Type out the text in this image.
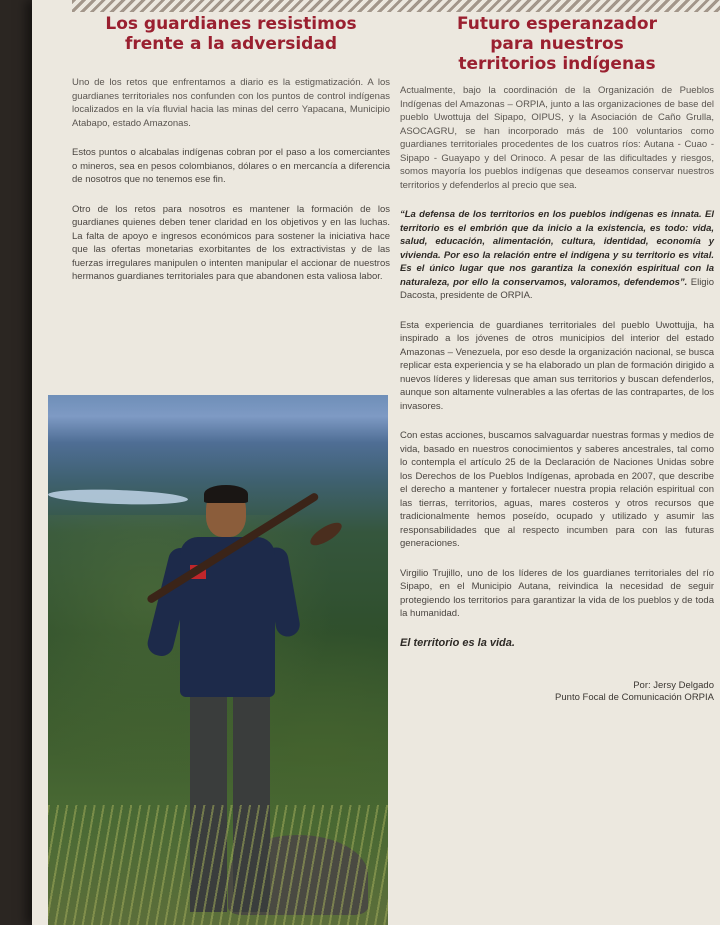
Los guardianes resistimos
frente a la adversidad

Uno de los retos que enfrentamos a diario es la estigmatización. A los guardianes territoriales nos confunden con los puntos de control indígenas localizados en la vía fluvial hacia las minas del cerro Yapacana, Municipio Atabapo, estado Amazonas.

Estos puntos o alcabalas indígenas cobran por el paso a los comerciantes o mineros, sea en pesos colombianos, dólares o en mercancía a diferencia de nosotros que no tenemos ese fin.

Otro de los retos para nosotros es mantener la formación de los guardianes quienes deben tener claridad en los objetivos y en las luchas. La falta de apoyo e ingresos económicos para sostener la iniciativa hace que las ofertas monetarias exorbitantes de los extractivistas y de las fuerzas irregulares manipulen o intenten manipular el accionar de nuestros hermanos guardianes territoriales para que abandonen esta valiosa labor.

Futuro esperanzador
para nuestros
territorios indígenas

Actualmente, bajo la coordinación de la Organización de Pueblos Indígenas del Amazonas – ORPIA, junto a las organizaciones de base del pueblo Uwottuja del Sipapo, OIPUS, y la Asociación de Caño Grulla, ASOCAGRU, se han incorporado más de 100 voluntarios como guardianes territoriales procedentes de los cuatros ríos: Autana - Cuao - Sipapo - Guayapo y del Orinoco. A pesar de las dificultades y riesgos, somos mayoría los pueblos indígenas que deseamos conservar nuestros territorios y defenderlos al precio que sea.

“La defensa de los territorios en los pueblos indígenas es innata. El territorio es el embrión que da inicio a la existencia, es todo: vida, salud, educación, alimentación, cultura, identidad, economía y vivienda. Por eso la relación entre el indígena y su territorio es vital. Es el único lugar que nos garantiza la conexión espiritual con la naturaleza, por ello la conservamos, valoramos, defendemos”. Eligio Dacosta, presidente de ORPIA.

Esta experiencia de guardianes territoriales del pueblo Uwottujja, ha inspirado a los jóvenes de otros municipios del interior del estado Amazonas – Venezuela, por eso desde la organización nacional, se busca replicar esta experiencia y se ha elaborado un plan de formación dirigido a nuevos líderes y lideresas que aman sus territorios y buscan defenderlos, aunque son altamente vulnerables a las ofertas de las contrapartes, de los invasores.

Con estas acciones, buscamos salvaguardar nuestras formas y medios de vida, basado en nuestros conocimientos y saberes ancestrales, tal como lo contempla el artículo 25 de la Declaración de Naciones Unidas sobre los Derechos de los Pueblos Indígenas, aprobada en 2007, que describe el derecho a mantener y fortalecer nuestra propia relación espiritual con las tierras, territorios, aguas, mares costeros y otros recursos que tradicionalmente hemos poseído, ocupado y utilizado y asumir las responsabilidades que al respecto incumben para con las futuras generaciones.

Virgilio Trujillo, uno de los líderes de los guardianes territoriales del río Sipapo, en el Municipio Autana, reivindica la necesidad de seguir protegiendo los territorios para garantizar la vida de los pueblos y de toda la humanidad.

El territorio es la vida.

Por: Jersy Delgado
Punto Focal de Comunicación ORPIA
